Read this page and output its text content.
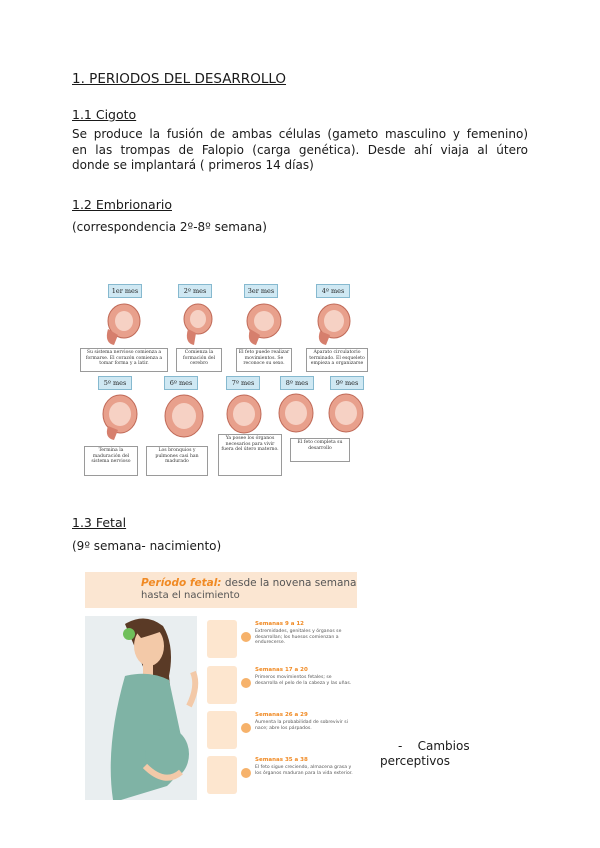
1. PERIODOS DEL DESARROLLO
1.1 Cigoto
Se produce la fusión de ambas células (gameto masculino y femenino)
en las trompas de Falopio (carga genética). Desde ahí viaja al útero
donde se implantará ( primeros 14 días)
1.2 Embrionario
(correspondencia 2º-8º semana)
1er mes	2º mes	3er mes	4º mes
Su sistema nervioso comienza a formarse. El corazón comienza a tomar forma y a latir.
Comienza la formación del cerebro
El feto puede realizar movimientos. Se reconoce su sexo.
Aparato circulatorio terminado. El esqueleto empieza a organizarse
5º mes	6º mes	7º mes	8º mes	9º mes
Termina la maduración del sistema nervioso
Los bronquios y pulmones casi han madurado
Ya posee los órganos necesarios para vivir fuera del útero materno.
El feto completa su desarrollo
1.3 Fetal
(9º semana- nacimiento)
Período fetal: desde la novena semana
hasta el nacimiento
Semanas 9 a 12
Extremidades, genitales y órganos se desarrollan; los huesos comienzan a endurecerse.
Semanas 17 a 20
Primeros movimientos fetales; se desarrolla el pelo de la cabeza y las uñas.
Semanas 26 a 29
Aumenta la probabilidad de sobrevivir si nace; abre los párpados.
Semanas 35 a 38
El feto sigue creciendo, almacena grasa y los órganos maduran para la vida exterior.
- Cambios
perceptivos
